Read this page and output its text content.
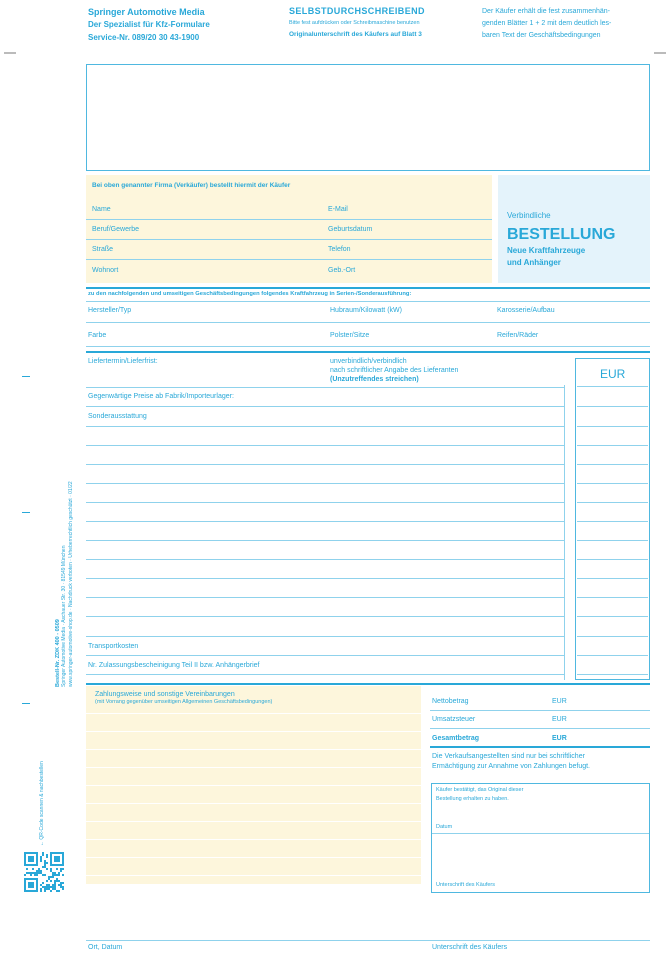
Springer Automotive Media
Der Spezialist für Kfz-Formulare
Service-Nr. 089/20 30 43-1900
SELBSTDURCHSCHREIBEND
Bitte fest aufdrücken oder Schreibmaschine benutzen
Originalunterschrift des Käufers auf Blatt 3
Der Käufer erhält die fest zusammenhän-
genden Blätter 1 + 2 mit dem deutlich les-
baren Text der Geschäftsbedingungen
Bei oben genannter Firma (Verkäufer) bestellt hiermit der Käufer
Name	E-Mail
Beruf/Gewerbe	Geburtsdatum
Straße	Telefon
Wohnort	Geb.-Ort
Verbindliche
BESTELLUNG
Neue Kraftfahrzeuge
und Anhänger
zu den nachfolgenden und umseitigen Geschäftsbedingungen folgendes Kraftfahrzeug in Serien-/Sonderausführung:
Hersteller/Typ	Hubraum/Kilowatt (kW)	Karosserie/Aufbau
Farbe	Polster/Sitze	Reifen/Räder
Liefertermin/Lieferfrist:	unverbindlich/verbindlich
nach schriftlicher Angabe des Lieferanten
(Unzutreffendes streichen)	EUR
Gegenwärtige Preise ab Fabrik/Importeurlager:
Sonderausstattung
Transportkosten
Nr. Zulassungsbescheinigung Teil II bzw. Anhängerbrief
Zahlungsweise und sonstige Vereinbarungen
(mit Vorrang gegenüber umseitigen Allgemeinen Geschäftsbedingungen)	Nettobetrag	EUR
Umsatzsteuer	EUR
Gesamtbetrag	EUR
Die Verkaufsangestellten sind nur bei schriftlicher
Ermächtigung zur Annahme von Zahlungen befugt.
Käufer bestätigt, das Original dieser
Bestellung erhalten zu haben.
Datum
Unterschrift des Käufers
Bestell-Nr. ZDK 400 - 0509 Springer Automotive Media · Aschauer Str. 30 · 81549 München www.springer-automotive-shop.de · Nachdruck verboten · Urheberrechtlich geschützt · 01/22
← QR-Code scannen & nachbestellen
Ort, Datum	Unterschrift des Käufers
